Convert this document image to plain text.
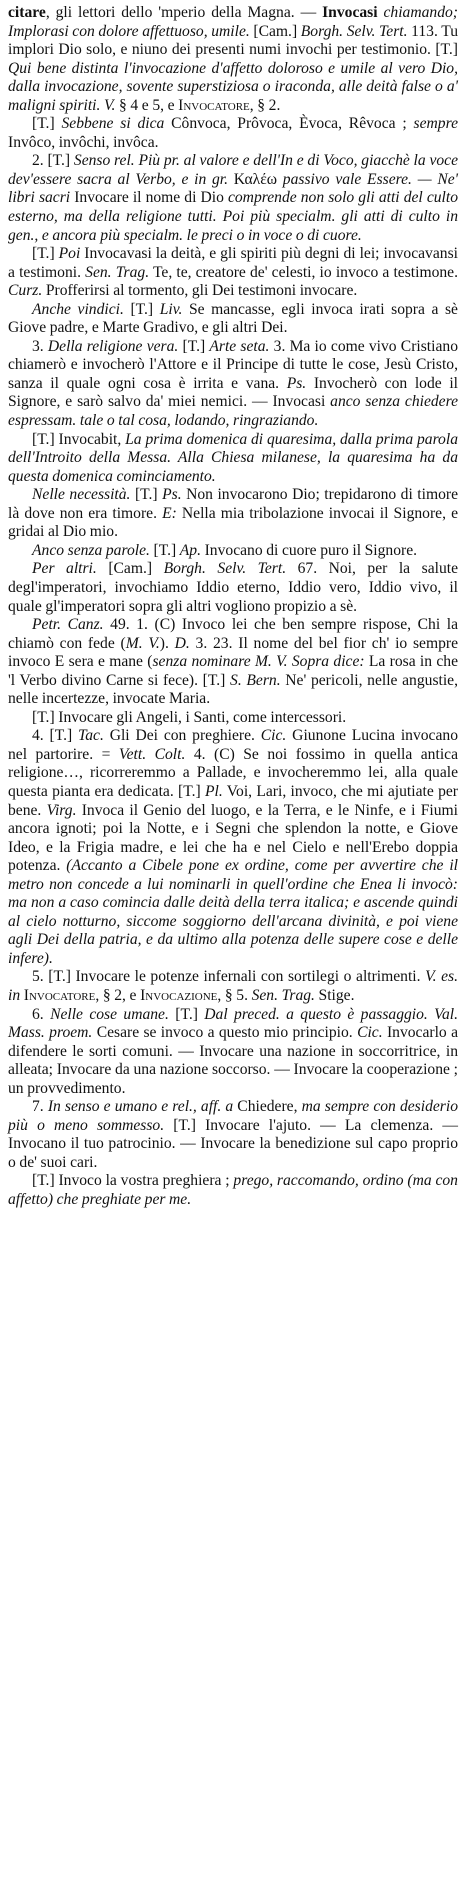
citare, gli lettori dello 'mperio della Magna. — Invocasi chiamando; Implorasi con dolore affettuoso, umile. [Cam.] Borgh. Selv. Tert. 113. Tu implori Dio solo, e niuno dei presenti numi invochi per testimonio. [T.] Qui bene distinta l'invocazione d'affetto doloroso e umile al vero Dio, dalla invocazione, sovente superstiziosa o iraconda, alle deità false o a' maligni spiriti. V. § 4 e 5, e Invocatore, § 2.

[T.] Sebbene si dica Cônvoca, Prôvoca, Èvoca, Rêvoca ; sempre Invôco, invôchi, invôca.

2. [T.] Senso rel. Più pr. al valore e dell'In e di Voco, giacchè la voce dev'essere sacra al Verbo, e in gr. Καλέω passivo vale Essere. — Ne' libri sacri Invocare il nome di Dio comprende non solo gli atti del culto esterno, ma della religione tutti. Poi più specialm. gli atti di culto in gen., e ancora più specialm. le preci o in voce o di cuore.

[T.] Poi Invocavasi la deità, e gli spiriti più degni di lei; invocavansi a testimoni. Sen. Trag. Te, te, creatore de' celesti, io invoco a testimone. Curz. Profferirsi al tormento, gli Dei testimoni invocare.

Anche vindici. [T.] Liv. Se mancasse, egli invoca irati sopra a sè Giove padre, e Marte Gradivo, e gli altri Dei.

3. Della religione vera. [T.] Arte seta. 3. Ma io come vivo Cristiano chiamerò e invocherò l'Attore e il Principe di tutte le cose, Jesù Cristo, sanza il quale ogni cosa è irrita e vana. Ps. Invocherò con lode il Signore, e sarò salvo da' miei nemici. — Invocasi anco senza chiedere espressam. tale o tal cosa, lodando, ringraziando.

[T.] Invocabit, La prima domenica di quaresima, dalla prima parola dell'Introito della Messa. Alla Chiesa milanese, la quaresima ha da questa domenica cominciamento.

Nelle necessità. [T.] Ps. Non invocarono Dio; trepidarono di timore là dove non era timore. E: Nella mia tribolazione invocai il Signore, e gridai al Dio mio.

Anco senza parole. [T.] Ap. Invocano di cuore puro il Signore.

Per altri. [Cam.] Borgh. Selv. Tert. 67. Noi, per la salute degl'imperatori, invochiamo Iddio eterno, Iddio vero, Iddio vivo, il quale gl'imperatori sopra gli altri vogliono propizio a sè.

Petr. Canz. 49. 1. (C) Invoco lei che ben sempre rispose, Chi la chiamò con fede (M. V.). D. 3. 23. Il nome del bel fior ch' io sempre invoco E sera e mane (senza nominare M. V. Sopra dice: La rosa in che 'l Verbo divino Carne si fece). [T.] S. Bern. Ne' pericoli, nelle angustie, nelle incertezze, invocate Maria.

[T.] Invocare gli Angeli, i Santi, come intercessori.

4. [T.] Tac. Gli Dei con preghiere. Cic. Giunone Lucina invocano nel partorire. = Vett. Colt. 4. (C) Se noi fossimo in quella antica religione…, ricorreremmo a Pallade, e invocheremmo lei, alla quale questa pianta era dedicata. [T.] Pl. Voi, Lari, invoco, che mi ajutiate per bene. Virg. Invoca il Genio del luogo, e la Terra, e le Ninfe, e i Fiumi ancora ignoti; poi la Notte, e i Segni che splendon la notte, e Giove Ideo, e la Frigia madre, e lei che ha e nel Cielo e nell'Erebo doppia potenza. (Accanto a Cibele pone ex ordine, come per avvertire che il metro non concede a lui nominarli in quell'ordine che Enea li invocò: ma non a caso comincia dalle deità della terra italica; e ascende quindi al cielo notturno, siccome soggiorno dell'arcana divinità, e poi viene agli Dei della patria, e da ultimo alla potenza delle supere cose e delle infere).

5. [T.] Invocare le potenze infernali con sortilegi o altrimenti. V. es. in Invocatore, § 2, e Invocazione, § 5. Sen. Trag. Stige.

6. Nelle cose umane. [T.] Dal preced. a questo è passaggio. Val. Mass. proem. Cesare se invoco a questo mio principio. Cic. Invocarlo a difendere le sorti comuni. — Invocare una nazione in soccorritrice, in alleata; Invocare da una nazione soccorso. — Invocare la cooperazione ; un provvedimento.

7. In senso e umano e rel., aff. a Chiedere, ma sempre con desiderio più o meno sommesso. [T.] Invocare l'ajuto. — La clemenza. — Invocano il tuo patrocinio. — Invocare la benedizione sul capo proprio o de' suoi cari.

[T.] Invoco la vostra preghiera ; prego, raccomando, ordino (ma con affetto) che preghiate per me.
